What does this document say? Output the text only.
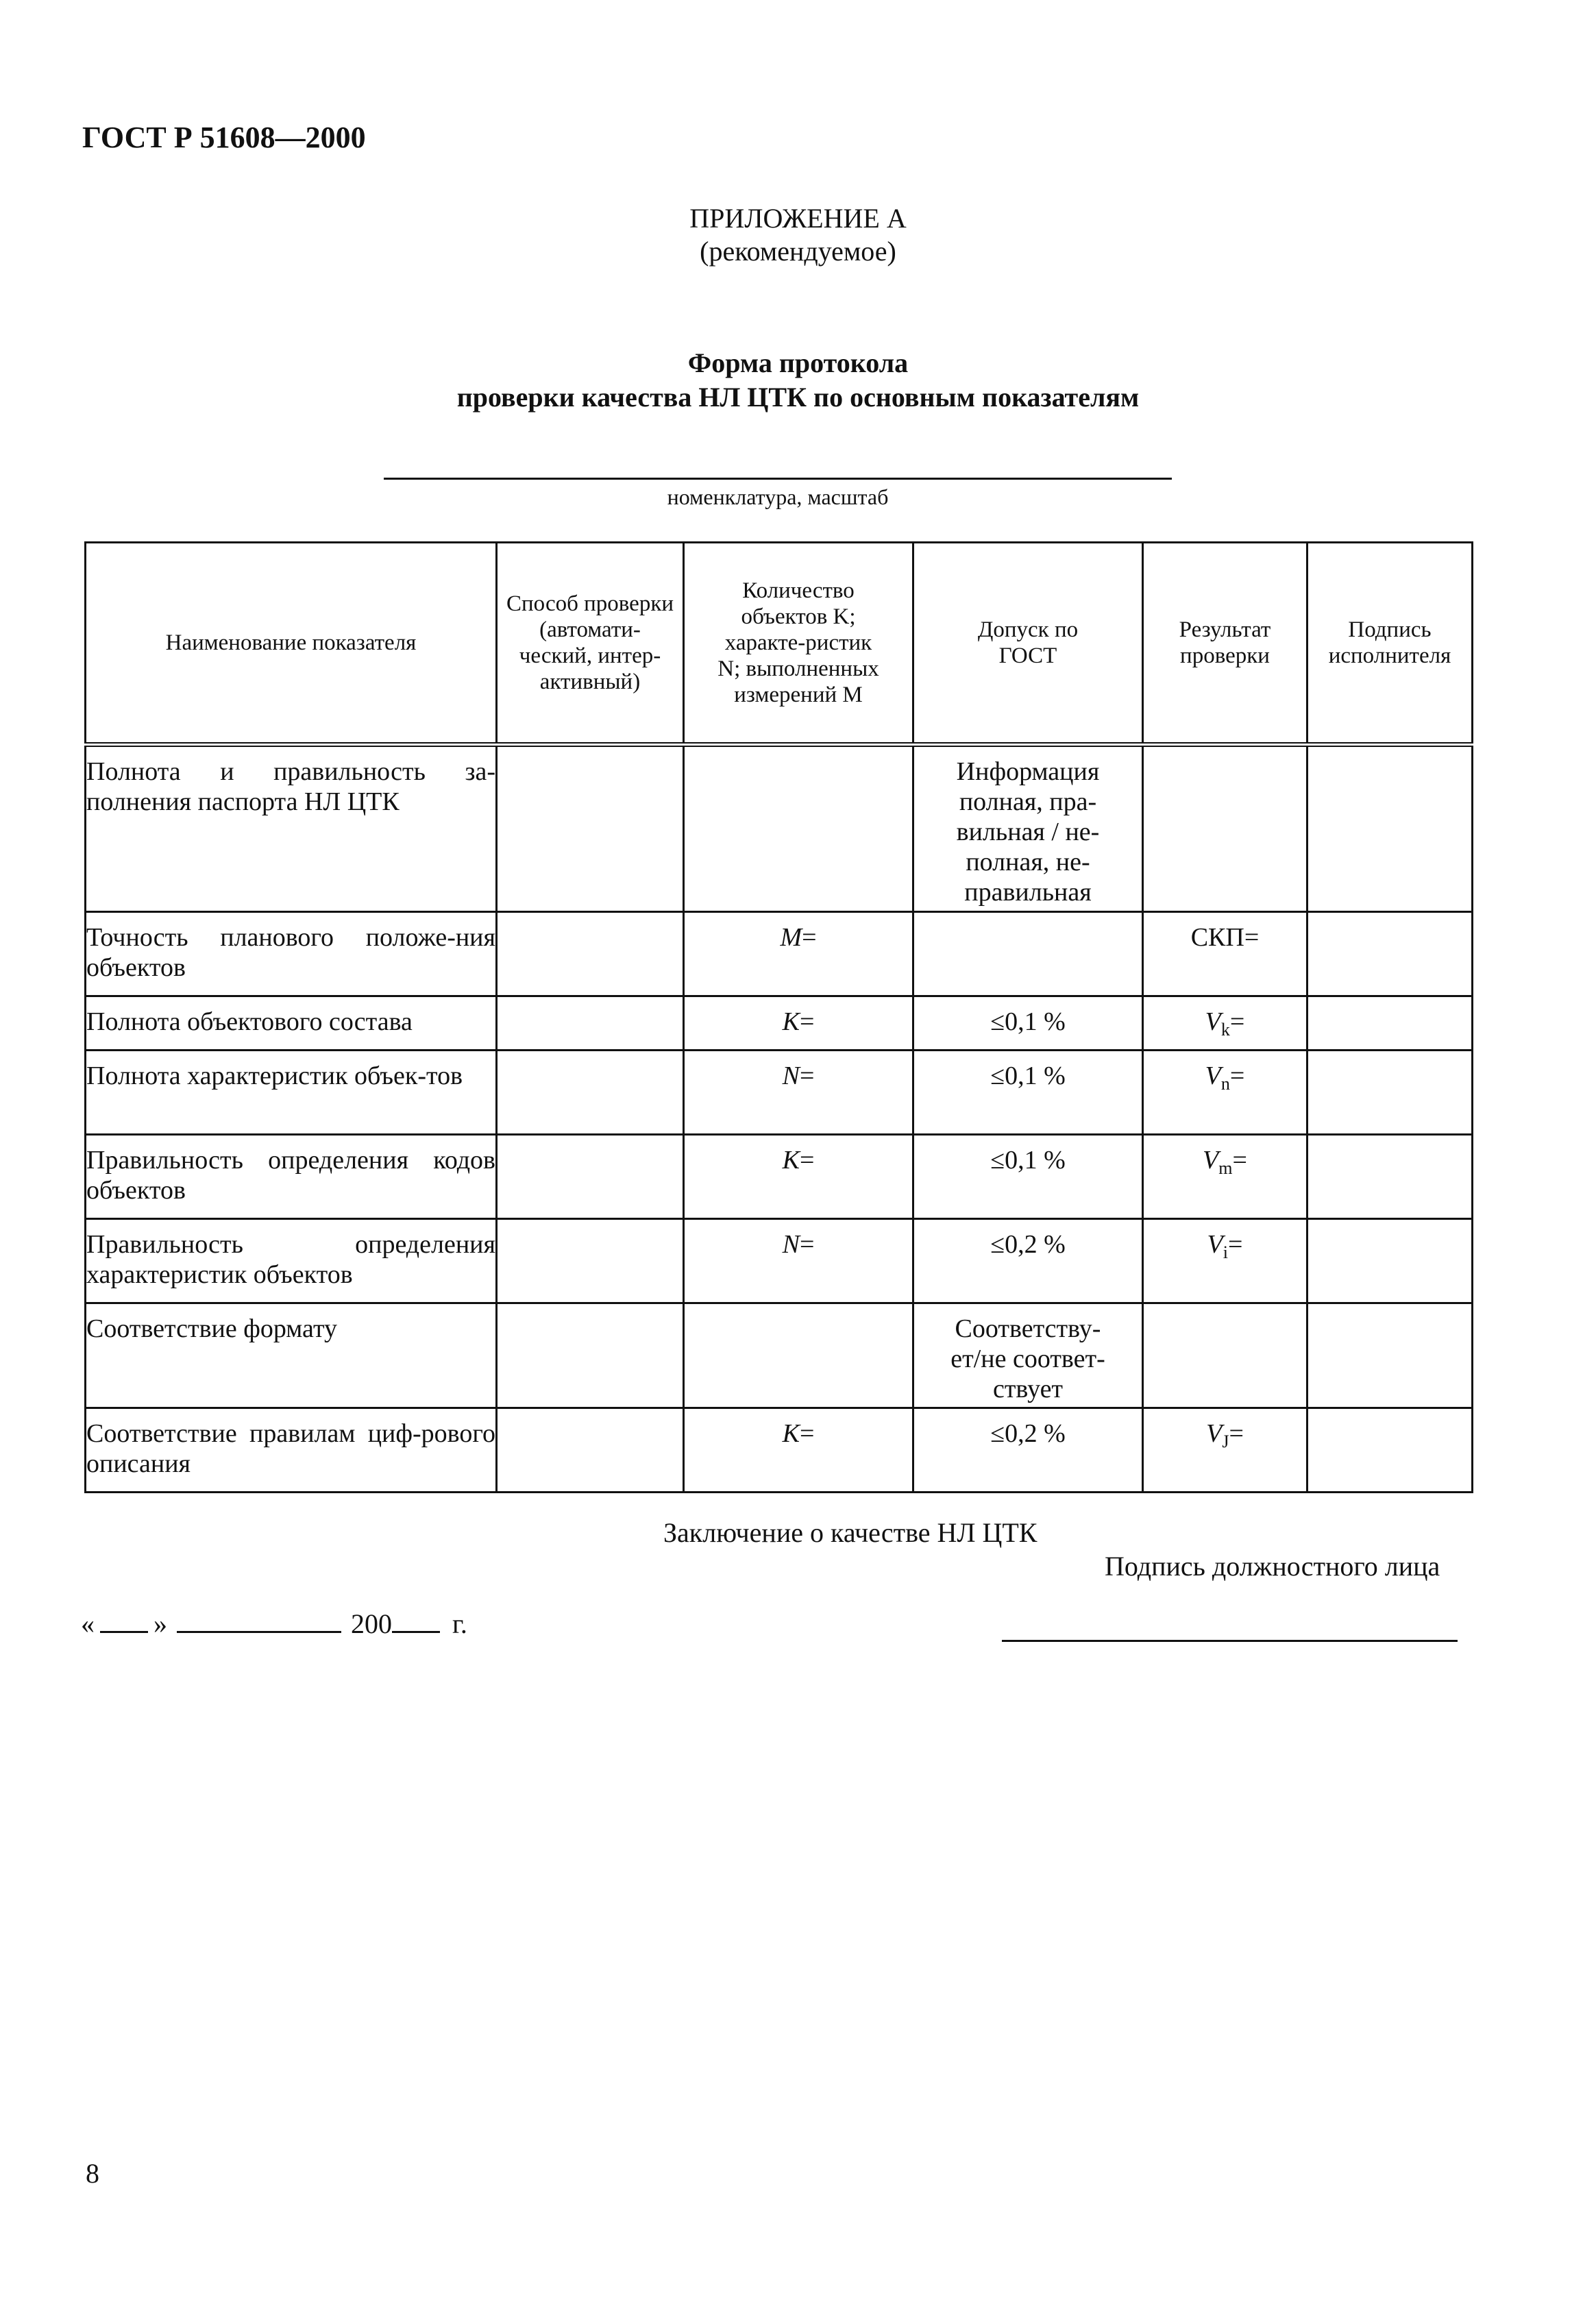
ГОСТ Р 51608—2000
ПРИЛОЖЕНИЕ А
(рекомендуемое)
Форма протокола
проверки качества НЛ ЦТК по основным показателям
номенклатура, масштаб
Наименование показателя	Способ проверки (автомати-ческий, интер-активный)	Количество объектов K; характе-ристик N; выполненных измерений M	Допуск по ГОСТ	Результат проверки	Подпись исполнителя

Полнота и правильность за-полнения паспорта НЛ ЦТК			Информация полная, пра-вильная / не-полная, не-правильная		

Точность планового положе-ния объектов		M=		СКП=	

Полнота объектового состава		K=	≤0,1 %	$V_k=$	

Полнота характеристик объек-тов		N=	≤0,1 %	$V_n=$	

Правильность определения кодов объектов		K=	≤0,1 %	$V_m=$	

Правильность определения характеристик объектов		N=	≤0,2 %	$V_i=$	

Соответствие формату			Соответству-ет/не соответ-ствует		

Соответствие правилам циф-рового описания		K=	≤0,2 %	$V_J=$	
Заключение о качестве НЛ ЦТК
Подпись должностного лица
« »	200 г.
8
